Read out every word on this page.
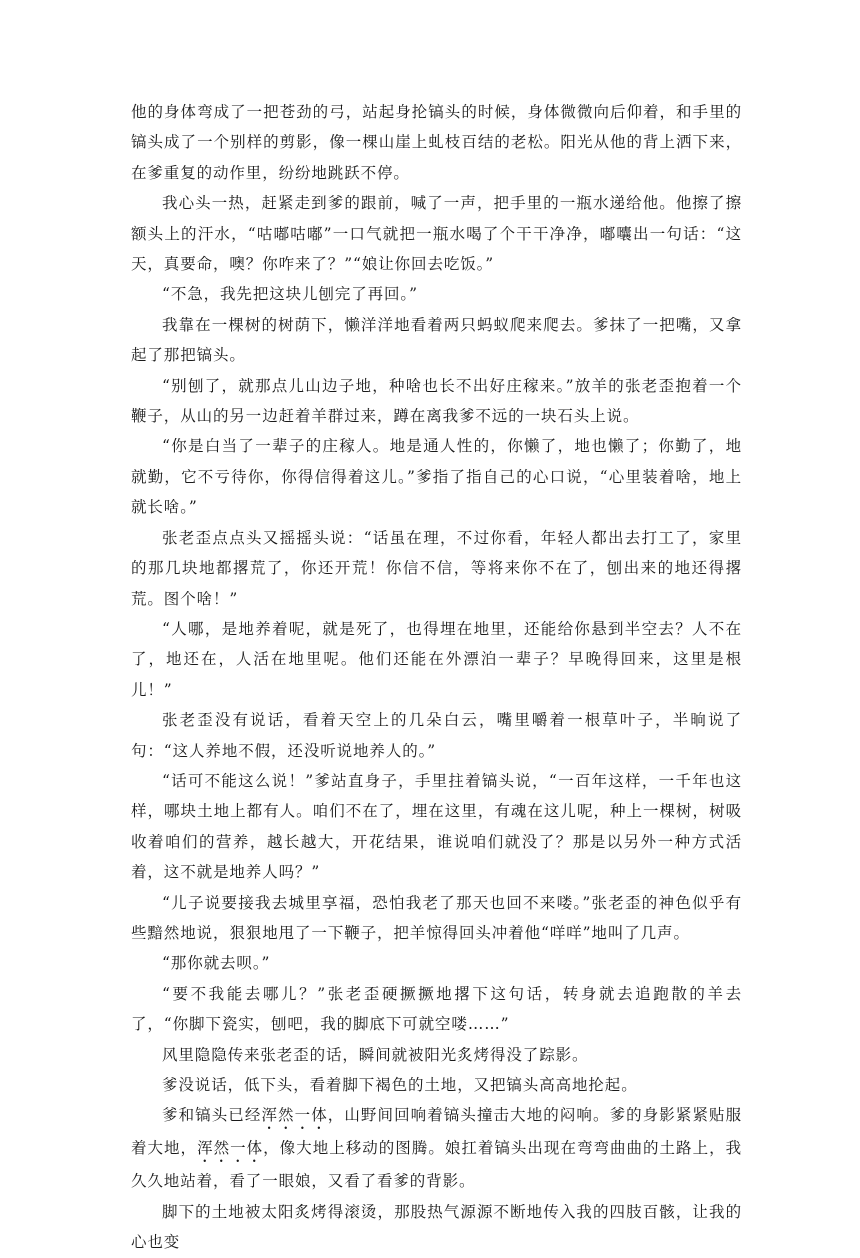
他的身体弯成了一把苍劲的弓，站起身抡镐头的时候，身体微微向后仰着，和手里的镐头成了一个别样的剪影，像一棵山崖上虬枝百结的老松。阳光从他的背上洒下来，在爹重复的动作里，纷纷地跳跃不停。

我心头一热，赶紧走到爹的跟前，喊了一声，把手里的一瓶水递给他。他擦了擦额头上的汗水，“咕嘟咕嘟”一口气就把一瓶水喝了个干干净净，嘟囔出一句话：“这天，真要命，噢？你咋来了？”“娘让你回去吃饭。”

“不急，我先把这块儿刨完了再回。”

我靠在一棵树的树荫下，懒洋洋地看着两只蚂蚁爬来爬去。爹抹了一把嘴，又拿起了那把镐头。

“别刨了，就那点儿山边子地，种啥也长不出好庄稼来。”放羊的张老歪抱着一个鞭子，从山的另一边赶着羊群过来，蹲在离我爹不远的一块石头上说。

“你是白当了一辈子的庄稼人。地是通人性的，你懒了，地也懒了；你勤了，地就勤，它不亏待你，你得信得着这儿。”爹指了指自己的心口说，“心里装着啥，地上就长啥。”

张老歪点点头又摇摇头说：“话虽在理，不过你看，年轻人都出去打工了，家里的那几块地都撂荒了，你还开荒！你信不信，等将来你不在了，刨出来的地还得撂荒。图个啥！”

“人哪，是地养着呢，就是死了，也得埋在地里，还能给你悬到半空去？人不在了，地还在，人活在地里呢。他们还能在外漂泊一辈子？早晚得回来，这里是根儿！”

张老歪没有说话，看着天空上的几朵白云，嘴里嚼着一根草叶子，半晌说了句：“这人养地不假，还没听说地养人的。”

“话可不能这么说！”爹站直身子，手里拄着镐头说，“一百年这样，一千年也这样，哪块土地上都有人。咱们不在了，埋在这里，有魂在这儿呢，种上一棵树，树吸收着咱们的营养，越长越大，开花结果，谁说咱们就没了？那是以另外一种方式活着，这不就是地养人吗？”

“儿子说要接我去城里享福，恐怕我老了那天也回不来喽。”张老歪的神色似乎有些黯然地说，狠狠地甩了一下鞭子，把羊惊得回头冲着他“咩咩”地叫了几声。

“那你就去呗。”

“要不我能去哪儿？”张老歪硬撅撅地撂下这句话，转身就去追跑散的羊去了，“你脚下瓷实，刨吧，我的脚底下可就空喽……”

风里隐隐传来张老歪的话，瞬间就被阳光炙烤得没了踪影。

爹没说话，低下头，看着脚下褐色的土地，又把镐头高高地抡起。

爹和镐头已经浑然一体，山野间回响着镐头撞击大地的闷响。爹的身影紧紧贴服着大地，浑然一体，像大地上移动的图腾。娘扛着镐头出现在弯弯曲曲的土路上，我久久地站着，看了一眼娘，又看了看爹的背影。

脚下的土地被太阳炙烤得滚烫，那股热气源源不断地传入我的四肢百骸，让我的心也变
